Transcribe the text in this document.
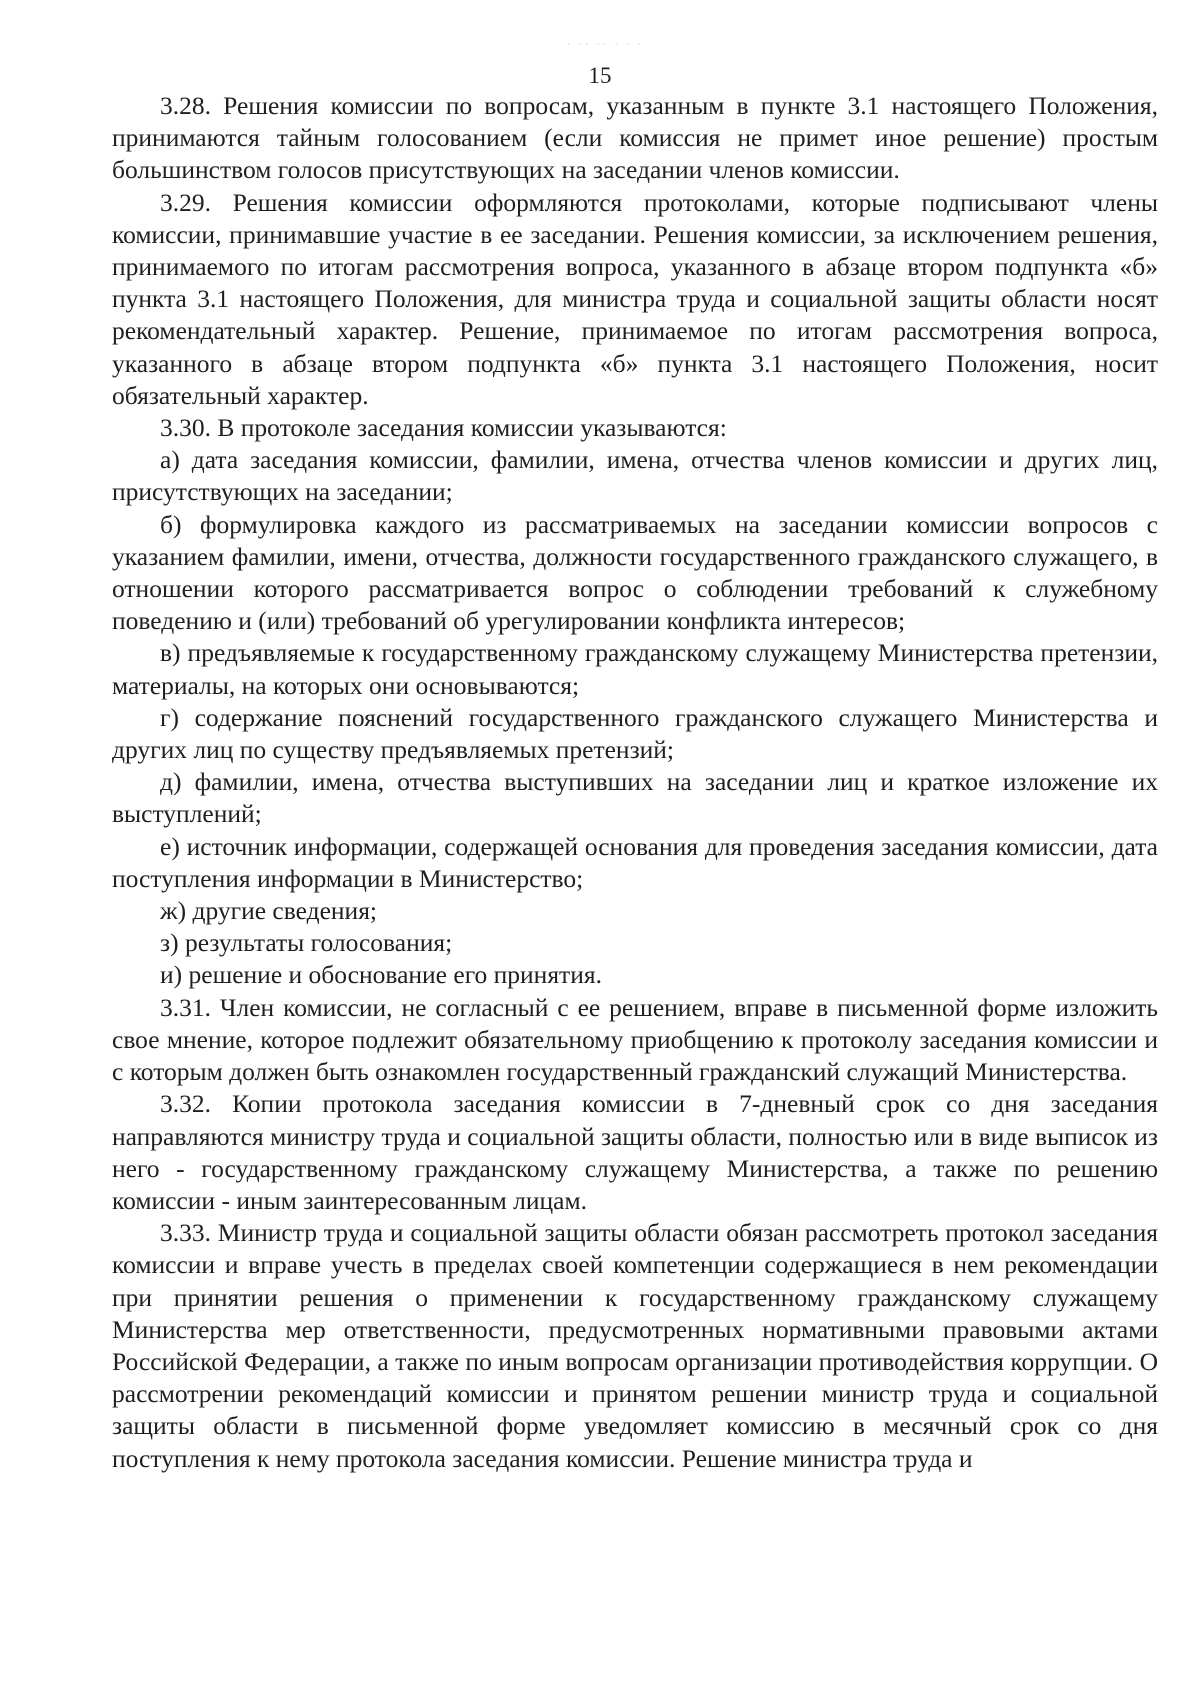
· ·· ·· · · ·
15

3.28. Решения комиссии по вопросам, указанным в пункте 3.1 настоящего Положения, принимаются тайным голосованием (если комиссия не примет иное решение) простым большинством голосов присутствующих на заседании членов комиссии.

3.29. Решения комиссии оформляются протоколами, которые подписывают члены комиссии, принимавшие участие в ее заседании. Решения комиссии, за исключением решения, принимаемого по итогам рассмотрения вопроса, указанного в абзаце втором подпункта «б» пункта 3.1 настоящего Положения, для министра труда и социальной защиты области носят рекомендательный характер. Решение, принимаемое по итогам рассмотрения вопроса, указанного в абзаце втором подпункта «б» пункта 3.1 настоящего Положения, носит обязательный характер.

3.30. В протоколе заседания комиссии указываются:

а) дата заседания комиссии, фамилии, имена, отчества членов комиссии и других лиц, присутствующих на заседании;

б) формулировка каждого из рассматриваемых на заседании комиссии вопросов с указанием фамилии, имени, отчества, должности государственного гражданского служащего, в отношении которого рассматривается вопрос о соблюдении требований к служебному поведению и (или) требований об урегулировании конфликта интересов;

в) предъявляемые к государственному гражданскому служащему Министерства претензии, материалы, на которых они основываются;

г) содержание пояснений государственного гражданского служащего Министерства и других лиц по существу предъявляемых претензий;

д) фамилии, имена, отчества выступивших на заседании лиц и краткое изложение их выступлений;

е) источник информации, содержащей основания для проведения заседания комиссии, дата поступления информации в Министерство;

ж) другие сведения;

з) результаты голосования;

и) решение и обоснование его принятия.

3.31. Член комиссии, не согласный с ее решением, вправе в письменной форме изложить свое мнение, которое подлежит обязательному приобщению к протоколу заседания комиссии и с которым должен быть ознакомлен государственный гражданский служащий Министерства.

3.32. Копии протокола заседания комиссии в 7-дневный срок со дня заседания направляются министру труда и социальной защиты области, полностью или в виде выписок из него - государственному гражданскому служащему Министерства, а также по решению комиссии - иным заинтересованным лицам.

3.33. Министр труда и социальной защиты области обязан рассмотреть протокол заседания комиссии и вправе учесть в пределах своей компетенции содержащиеся в нем рекомендации при принятии решения о применении к государственному гражданскому служащему Министерства мер ответственности, предусмотренных нормативными правовыми актами Российской Федерации, а также по иным вопросам организации противодействия коррупции. О рассмотрении рекомендаций комиссии и принятом решении министр труда и социальной защиты области в письменной форме уведомляет комиссию в месячный срок со дня поступления к нему протокола заседания комиссии. Решение министра труда и
